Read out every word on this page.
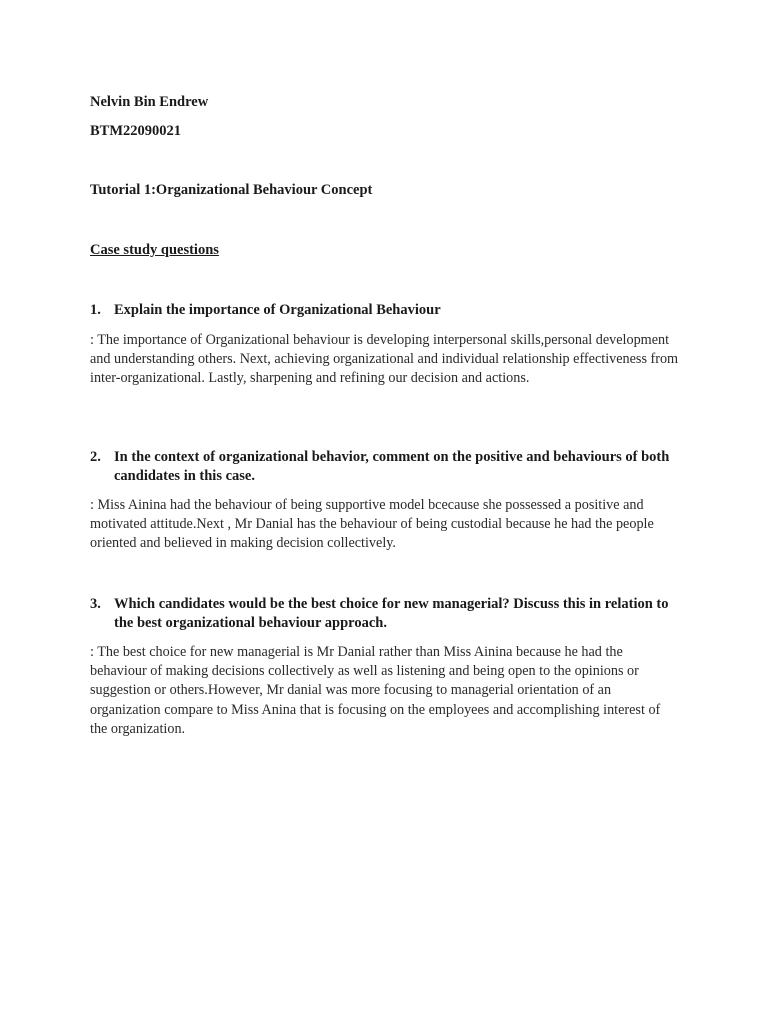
Nelvin Bin Endrew
BTM22090021
Tutorial 1:Organizational Behaviour Concept
Case study questions
1. Explain the importance of Organizational Behaviour
: The importance of Organizational behaviour is developing interpersonal skills,personal development and understanding others. Next, achieving organizational and individual relationship effectiveness from inter-organizational. Lastly, sharpening and refining our decision and actions.
2. In the context of organizational behavior, comment on the positive and behaviours of both candidates in this case.
: Miss Ainina had the behaviour of being supportive model bcecause she possessed a positive and motivated attitude.Next , Mr Danial has the behaviour of being custodial because he had the people oriented and believed in making decision collectively.
3. Which candidates would be the best choice for new managerial? Discuss this in relation to the best organizational behaviour approach.
: The best choice for new managerial is Mr Danial rather than Miss Ainina because he had the behaviour of making decisions collectively as well as listening and being open to the opinions or suggestion or others.However, Mr danial was more focusing to managerial orientation of an organization compare to Miss Anina that is focusing on the employees and accomplishing interest of the organization.
